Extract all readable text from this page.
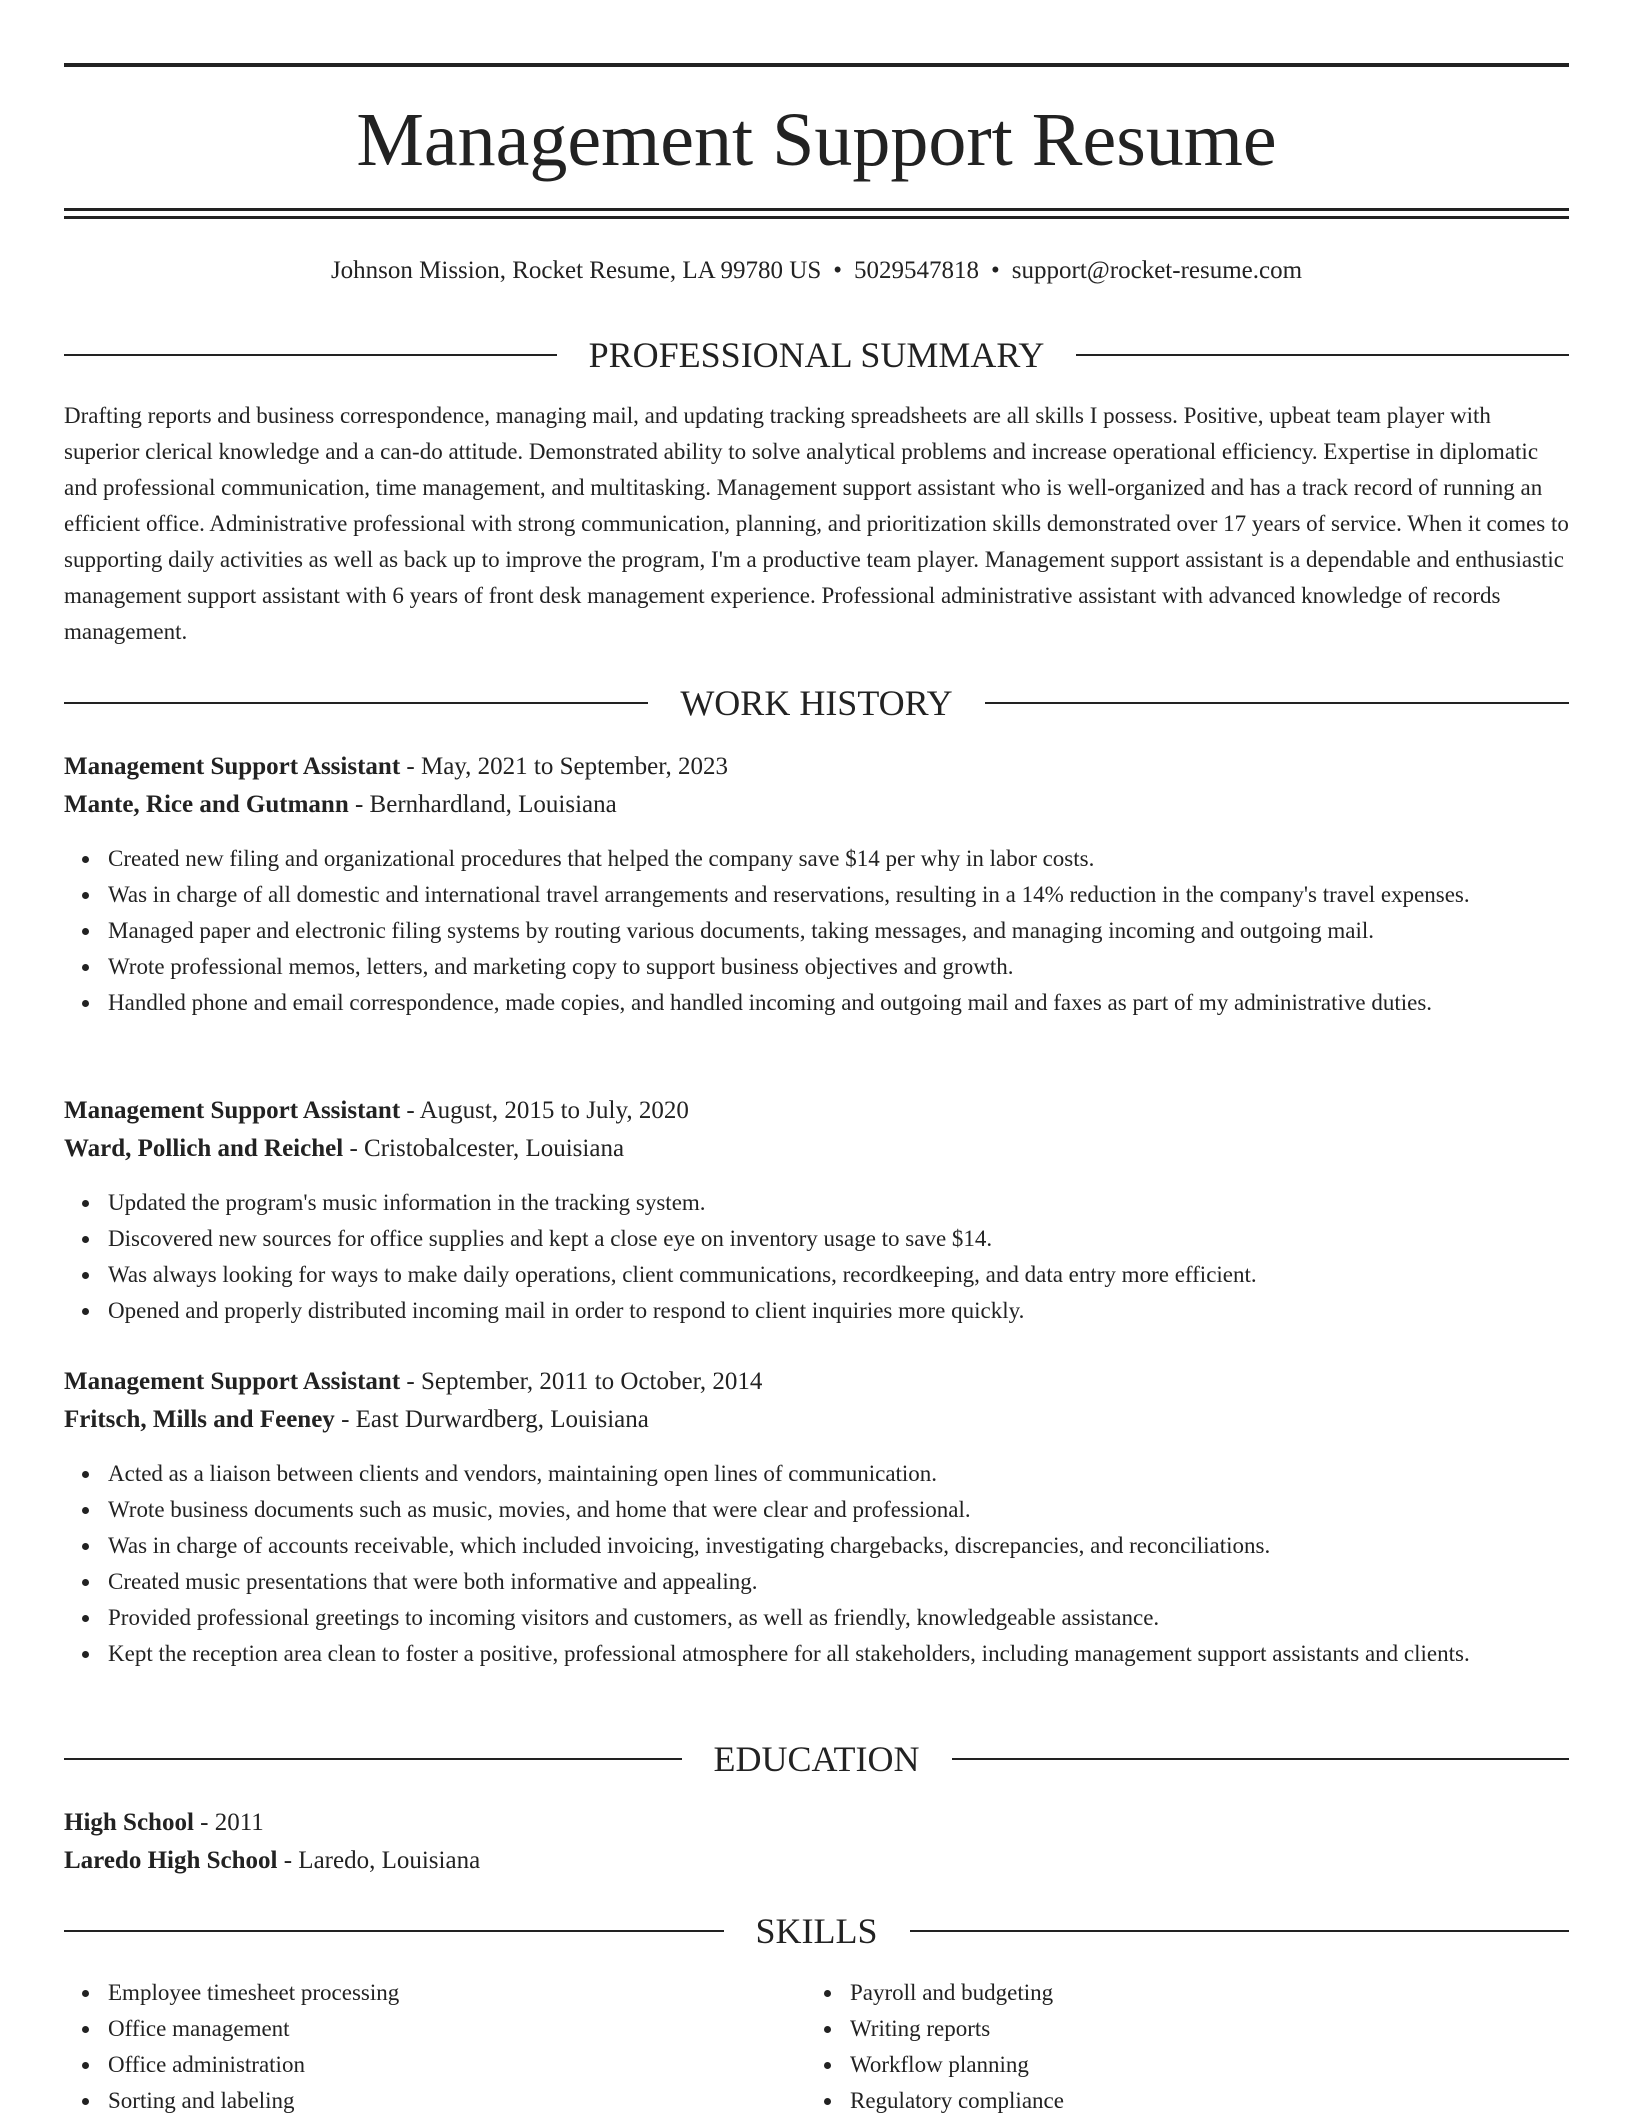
Management Support Resume
Johnson Mission, Rocket Resume, LA 99780 US • 5029547818 • support@rocket-resume.com
PROFESSIONAL SUMMARY

Drafting reports and business correspondence, managing mail, and updating tracking spreadsheets are all skills I possess. Positive, upbeat team player with superior clerical knowledge and a can-do attitude. Demonstrated ability to solve analytical problems and increase operational efficiency. Expertise in diplomatic and professional communication, time management, and multitasking. Management support assistant who is well-organized and has a track record of running an efficient office. Administrative professional with strong communication, planning, and prioritization skills demonstrated over 17 years of service. When it comes to supporting daily activities as well as back up to improve the program, I'm a productive team player. Management support assistant is a dependable and enthusiastic management support assistant with 6 years of front desk management experience. Professional administrative assistant with advanced knowledge of records management.

WORK HISTORY
Management Support Assistant - May, 2021 to September, 2023
Mante, Rice and Gutmann - Bernhardland, Louisiana
Created new filing and organizational procedures that helped the company save $14 per why in labor costs.
Was in charge of all domestic and international travel arrangements and reservations, resulting in a 14% reduction in the company's travel expenses.
Managed paper and electronic filing systems by routing various documents, taking messages, and managing incoming and outgoing mail.
Wrote professional memos, letters, and marketing copy to support business objectives and growth.
Handled phone and email correspondence, made copies, and handled incoming and outgoing mail and faxes as part of my administrative duties.
Management Support Assistant - August, 2015 to July, 2020
Ward, Pollich and Reichel - Cristobalcester, Louisiana
Updated the program's music information in the tracking system.
Discovered new sources for office supplies and kept a close eye on inventory usage to save $14.
Was always looking for ways to make daily operations, client communications, recordkeeping, and data entry more efficient.
Opened and properly distributed incoming mail in order to respond to client inquiries more quickly.
Management Support Assistant - September, 2011 to October, 2014
Fritsch, Mills and Feeney - East Durwardberg, Louisiana
Acted as a liaison between clients and vendors, maintaining open lines of communication.
Wrote business documents such as music, movies, and home that were clear and professional.
Was in charge of accounts receivable, which included invoicing, investigating chargebacks, discrepancies, and reconciliations.
Created music presentations that were both informative and appealing.
Provided professional greetings to incoming visitors and customers, as well as friendly, knowledgeable assistance.
Kept the reception area clean to foster a positive, professional atmosphere for all stakeholders, including management support assistants and clients.
EDUCATION
High School - 2011
Laredo High School - Laredo, Louisiana
SKILLS
Employee timesheet processing
Office management
Office administration
Sorting and labeling
Payroll and budgeting
Writing reports
Workflow planning
Regulatory compliance
